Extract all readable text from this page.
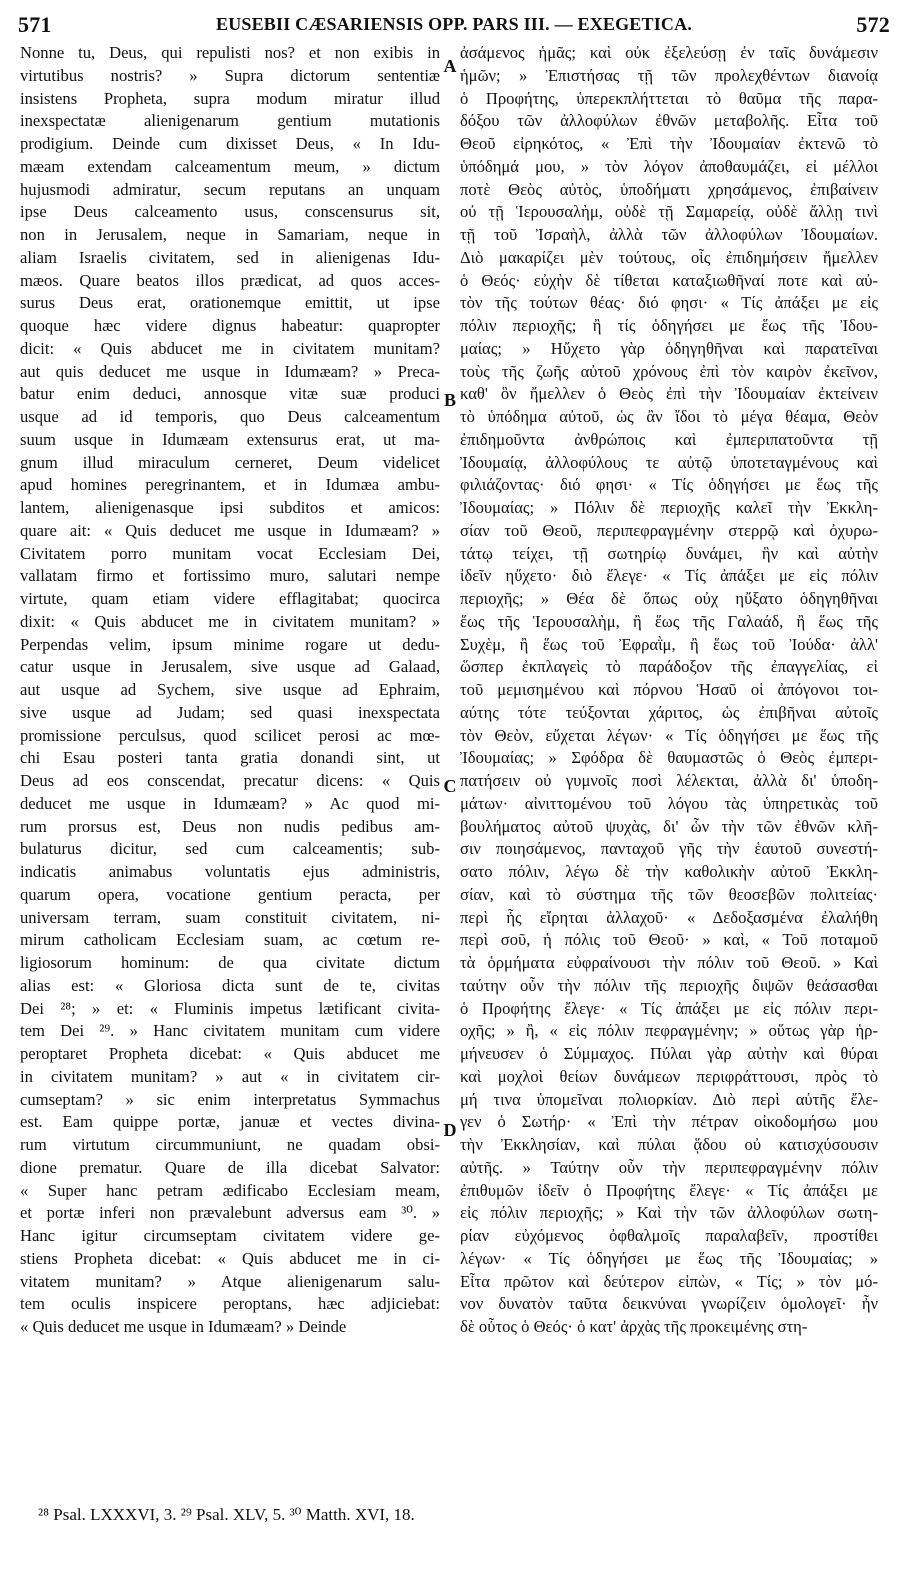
571	EUSEBII CÆSARIENSIS OPP. PARS III. — EXEGETICA.	572
Nonne tu, Deus, qui repulisti nos? et non exibis in
virtutibus nostris? » Supra dictorum sententiæ
insistens Propheta, supra modum miratur illud
inexspectatæ alienigenarum gentium mutationis
prodigium. Deinde cum dixisset Deus, « In Idu-
mæam extendam calceamentum meum, » dictum
hujusmodi admiratur, secum reputans an unquam
ipse Deus calceamento usus, conscensurus sit,
non in Jerusalem, neque in Samariam, neque in
aliam Israelis civitatem, sed in alienigenas Idu-
mæos. Quare beatos illos prædicat, ad quos acces-
surus Deus erat, orationemque emittit, ut ipse
quoque hæc videre dignus habeatur: quapropter
dicit: « Quis abducet me in civitatem munitam?
aut quis deducet me usque in Idumæam? » Preca-
batur enim deduci, annosque vitæ suæ produci
usque ad id temporis, quo Deus calceamentum
suum usque in Idumæam extensurus erat, ut ma-
gnum illud miraculum cerneret, Deum videlicet
apud homines peregrinantem, et in Idumæa ambu-
lantem, alienigenasque ipsi subditos et amicos:
quare ait: « Quis deducet me usque in Idumæam? »
Civitatem porro munitam vocat Ecclesiam Dei,
vallatam firmo et fortissimo muro, salutari nempe
virtute, quam etiam videre efflagitabat; quocirca
dixit: « Quis abducet me in civitatem munitam? »
Perpendas velim, ipsum minime rogare ut dedu-
catur usque in Jerusalem, sive usque ad Galaad,
aut usque ad Sychem, sive usque ad Ephraim,
sive usque ad Judam; sed quasi inexspectata
promissione perculsus, quod scilicet perosi ac mœ-
chi Esau posteri tanta gratia donandi sint, ut
Deus ad eos conscendat, precatur dicens: « Quis
deducet me usque in Idumæam? » Ac quod mi-
rum prorsus est, Deus non nudis pedibus am-
bulaturus dicitur, sed cum calceamentis; sub-
indicatis animabus voluntatis ejus administris,
quarum opera, vocatione gentium peracta, per
universam terram, suam constituit civitatem, ni-
mirum catholicam Ecclesiam suam, ac cœtum re-
ligiosorum hominum: de qua civitate dictum
alias est: « Gloriosa dicta sunt de te, civitas
Dei ²⁸; » et: « Fluminis impetus lætificant civita-
tem Dei ²⁹. » Hanc civitatem munitam cum videre
peroptaret Propheta dicebat: « Quis abducet me
in civitatem munitam? » aut « in civitatem cir-
cumseptam? » sic enim interpretatus Symmachus
est. Eam quippe portæ, januæ et vectes divina-
rum virtutum circummuniunt, ne quadam obsi-
dione prematur. Quare de illa dicebat Salvator:
« Super hanc petram ædificabo Ecclesiam meam,
et portæ inferi non prævalebunt adversus eam ³⁰. »
Hanc igitur circumseptam civitatem videre ge-
stiens Propheta dicebat: « Quis abducet me in ci-
vitatem munitam? » Atque alienigenarum salu-
tem oculis inspicere peroptans, hæc adjiciebat:
« Quis deducet me usque in Idumæam? » Deinde
A
B
C
D
ἀσάμενος ἡμᾶς; καὶ οὐκ ἐξελεύσῃ ἐν ταῖς δυνάμεσιν
ἡμῶν; » Ἐπιστήσας τῇ τῶν προλεχθέντων διανοίᾳ
ὁ Προφήτης, ὑπερεκπλήττεται τὸ θαῦμα τῆς παρα-
δόξου τῶν ἀλλοφύλων ἐθνῶν μεταβολῆς. Εἶτα τοῦ
Θεοῦ εἰρηκότος, « Ἐπὶ τὴν Ἰδουμαίαν ἐκτενῶ τὸ
ὑπόδημά μου, » τὸν λόγον ἀποθαυμάζει, εἰ μέλλοι
ποτὲ Θεὸς αὐτὸς, ὑποδήματι χρησάμενος, ἐπιβαίνειν
οὐ τῇ Ἱερουσαλὴμ, οὐδὲ τῇ Σαμαρείᾳ, οὐδὲ ἄλλῃ τινὶ
τῇ τοῦ Ἰσραὴλ, ἀλλὰ τῶν ἀλλοφύλων Ἰδουμαίων.
Διὸ μακαρίζει μὲν τούτους, οἷς ἐπιδημήσειν ἤμελλεν
ὁ Θεός· εὐχὴν δὲ τίθεται καταξιωθῆναί ποτε καὶ αὐ-
τὸν τῆς τούτων θέας· διό φησι· « Τίς ἀπάξει με εἰς
πόλιν περιοχῆς; ἢ τίς ὁδηγήσει με ἕως τῆς Ἰδου-
μαίας; » Ηὔχετο γὰρ ὁδηγηθῆναι καὶ παρατεῖναι
τοὺς τῆς ζωῆς αὐτοῦ χρόνους ἐπὶ τὸν καιρὸν ἐκεῖνον,
καθ' ὃν ἤμελλεν ὁ Θεὸς ἐπὶ τὴν Ἰδουμαίαν ἐκτείνειν
τὸ ὑπόδημα αὐτοῦ, ὡς ἂν ἴδοι τὸ μέγα θέαμα, Θεὸν
ἐπιδημοῦντα ἀνθρώποις καὶ ἐμπεριπατοῦντα τῇ
Ἰδουμαίᾳ, ἀλλοφύλους τε αὐτῷ ὑποτεταγμένους καὶ
φιλιάζοντας· διό φησι· « Τίς ὁδηγήσει με ἕως τῆς
Ἰδουμαίας; » Πόλιν δὲ περιοχῆς καλεῖ τὴν Ἐκκλη-
σίαν τοῦ Θεοῦ, περιπεφραγμένην στερρῷ καὶ ὀχυρω-
τάτῳ τείχει, τῇ σωτηρίῳ δυνάμει, ἣν καὶ αὐτὴν
ἰδεῖν ηὔχετο· διὸ ἔλεγε· « Τίς ἀπάξει με εἰς πόλιν
περιοχῆς; » Θέα δὲ ὅπως οὐχ ηὔξατο ὁδηγηθῆναι
ἕως τῆς Ἱερουσαλὴμ, ἢ ἕως τῆς Γαλαάδ, ἢ ἕως τῆς
Συχὲμ, ἢ ἕως τοῦ Ἐφραῒμ, ἢ ἕως τοῦ Ἰούδα· ἀλλ'
ὥσπερ ἐκπλαγεὶς τὸ παράδοξον τῆς ἐπαγγελίας, εἰ
τοῦ μεμισημένου καὶ πόρνου Ἡσαῦ οἱ ἀπόγονοι τοι-
αύτης τότε τεύξονται χάριτος, ὡς ἐπιβῆναι αὐτοῖς
τὸν Θεὸν, εὔχεται λέγων· « Τίς ὁδηγήσει με ἕως τῆς
Ἰδουμαίας; » Σφόδρα δὲ θαυμαστῶς ὁ Θεὸς ἐμπερι-
πατήσειν οὐ γυμνοῖς ποσὶ λέλεκται, ἀλλὰ δι' ὑποδη-
μάτων· αἰνιττομένου τοῦ λόγου τὰς ὑπηρετικὰς τοῦ
βουλήματος αὐτοῦ ψυχὰς, δι' ὧν τὴν τῶν ἐθνῶν κλῆ-
σιν ποιησάμενος, πανταχοῦ γῆς τὴν ἑαυτοῦ συνεστή-
σατο πόλιν, λέγω δὲ τὴν καθολικὴν αὐτοῦ Ἐκκλη-
σίαν, καὶ τὸ σύστημα τῆς τῶν θεοσεβῶν πολιτείας·
περὶ ἧς εἴρηται ἀλλαχοῦ· « Δεδοξασμένα ἐλαλήθη
περὶ σοῦ, ἡ πόλις τοῦ Θεοῦ· » καὶ, « Τοῦ ποταμοῦ
τὰ ὁρμήματα εὐφραίνουσι τὴν πόλιν τοῦ Θεοῦ. » Καὶ
ταύτην οὖν τὴν πόλιν τῆς περιοχῆς διψῶν θεάσασθαι
ὁ Προφήτης ἔλεγε· « Τίς ἀπάξει με εἰς πόλιν περι-
οχῆς; » ἢ, « εἰς πόλιν πεφραγμένην; » οὕτως γὰρ ἡρ-
μήνευσεν ὁ Σύμμαχος. Πύλαι γὰρ αὐτὴν καὶ θύραι
καὶ μοχλοὶ θείων δυνάμεων περιφράττουσι, πρὸς τὸ
μή τινα ὑπομεῖναι πολιορκίαν. Διὸ περὶ αὐτῆς ἔλε-
γεν ὁ Σωτήρ· « Ἐπὶ τὴν πέτραν οἰκοδομήσω μου
τὴν Ἐκκλησίαν, καὶ πύλαι ᾅδου οὐ κατισχύσουσιν
αὐτῆς. » Ταύτην οὖν τὴν περιπεφραγμένην πόλιν
ἐπιθυμῶν ἰδεῖν ὁ Προφήτης ἔλεγε· « Τίς ἀπάξει με
εἰς πόλιν περιοχῆς; » Καὶ τὴν τῶν ἀλλοφύλων σωτη-
ρίαν εὐχόμενος ὀφθαλμοῖς παραλαβεῖν, προστίθει
λέγων· « Τίς ὁδηγήσει με ἕως τῆς Ἰδουμαίας; »
Εἶτα πρῶτον καὶ δεύτερον εἰπὼν, « Τίς; » τὸν μό-
νον δυνατὸν ταῦτα δεικνύναι γνωρίζειν ὁμολογεῖ· ἦν
δὲ οὗτος ὁ Θεός· ὁ κατ' ἀρχὰς τῆς προκειμένης στη-
²⁸ Psal. LXXXVI, 3. ²⁹ Psal. XLV, 5. ³⁰ Matth. XVI, 18.
